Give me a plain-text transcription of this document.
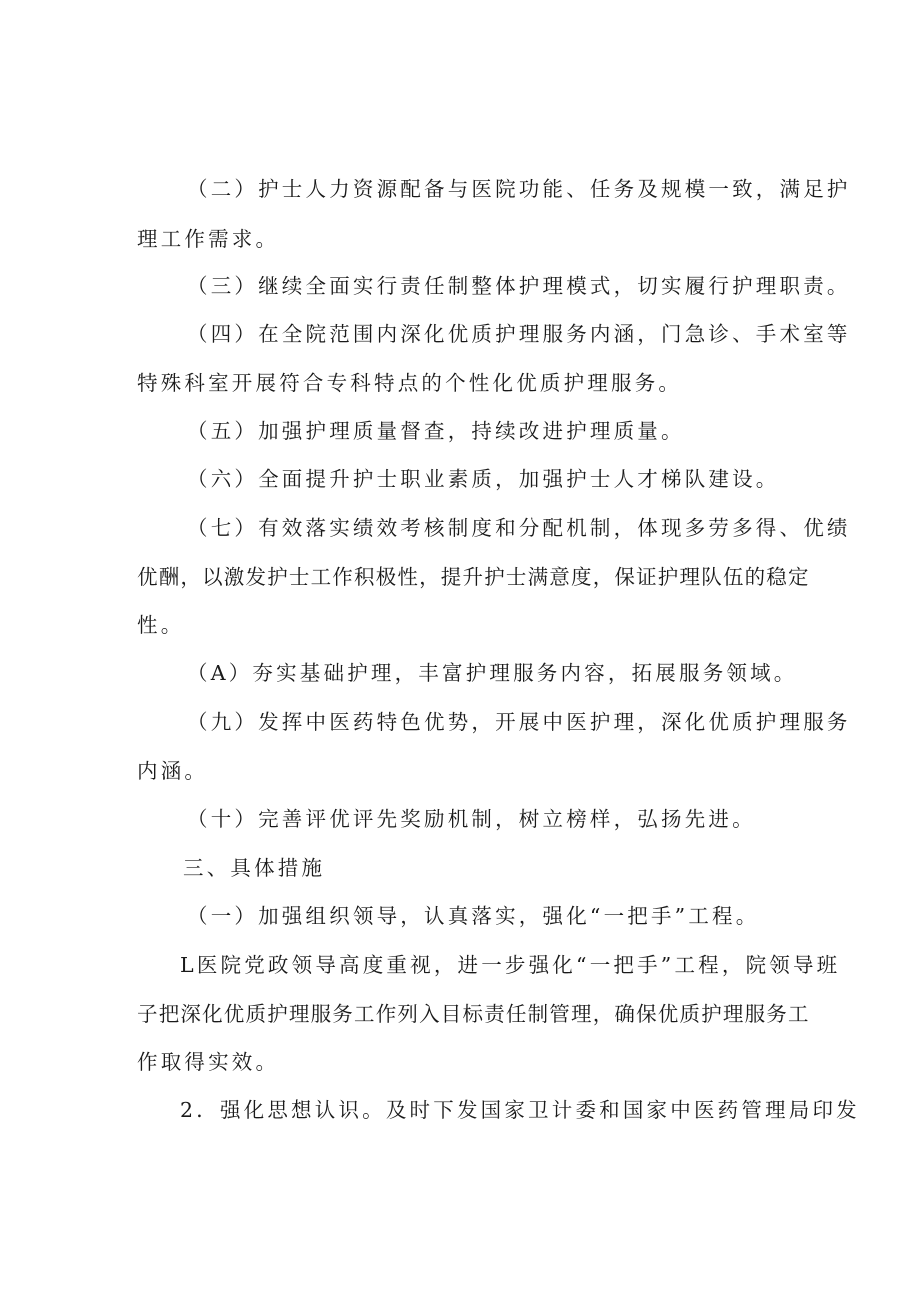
（二）护士人力资源配备与医院功能、任务及规模一致，满足护
理工作需求。
（三）继续全面实行责任制整体护理模式，切实履行护理职责。
（四）在全院范围内深化优质护理服务内涵，门急诊、手术室等
特殊科室开展符合专科特点的个性化优质护理服务。
（五）加强护理质量督查，持续改进护理质量。
（六）全面提升护士职业素质，加强护士人才梯队建设。
（七）有效落实绩效考核制度和分配机制，体现多劳多得、优绩
优酬，以激发护士工作积极性，提升护士满意度，保证护理队伍的稳定
性。
（A）夯实基础护理，丰富护理服务内容，拓展服务领域。
（九）发挥中医药特色优势，开展中医护理，深化优质护理服务
内涵。
（十）完善评优评先奖励机制，树立榜样，弘扬先进。
三、具体措施
（一）加强组织领导，认真落实，强化“一把手”工程。
L医院党政领导高度重视，进一步强化“一把手”工程，院领导班
子把深化优质护理服务工作列入目标责任制管理，确保优质护理服务工
作取得实效。
2．强化思想认识。及时下发国家卫计委和国家中医药管理局印发
